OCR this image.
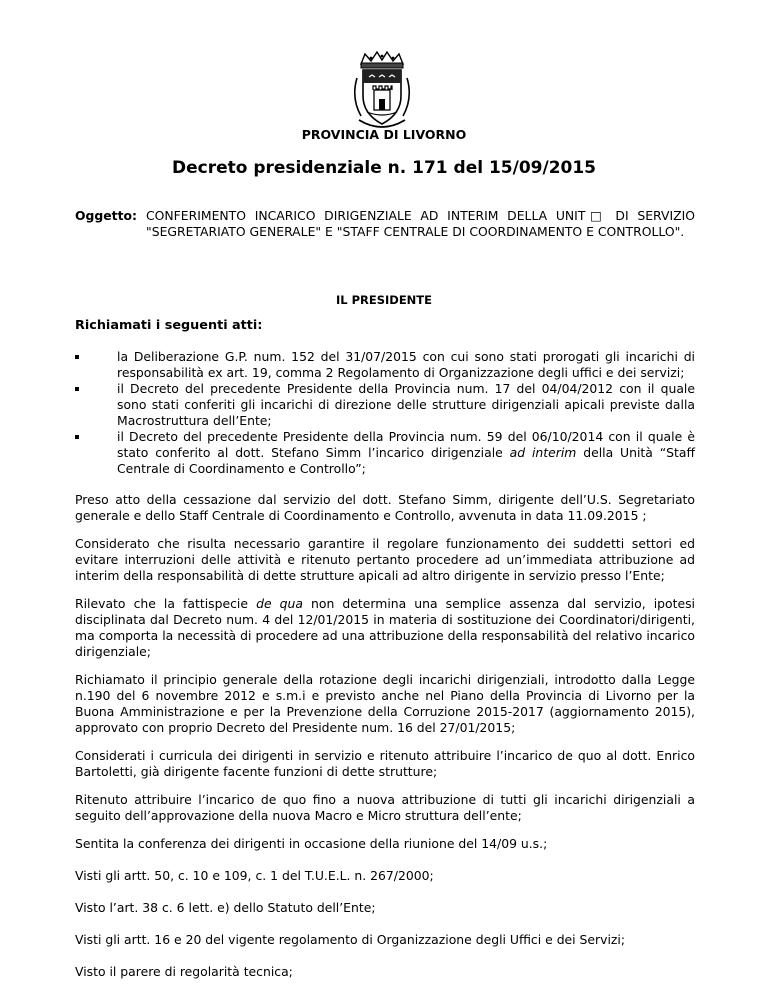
PROVINCIA DI LIVORNO
Decreto presidenziale n. 171 del 15/09/2015
Oggetto: CONFERIMENTO INCARICO DIRIGENZIALE AD INTERIM DELLA UNIT□ DI SERVIZIO "SEGRETARIATO GENERALE" E "STAFF CENTRALE DI COORDINAMENTO E CONTROLLO".
IL PRESIDENTE

Richiamati i seguenti atti:

la Deliberazione G.P. num. 152 del 31/07/2015 con cui sono stati prorogati gli incarichi di responsabilità ex art. 19, comma 2 Regolamento di Organizzazione degli uffici e dei servizi;
il Decreto del precedente Presidente della Provincia num. 17 del 04/04/2012 con il quale sono stati conferiti gli incarichi di direzione delle strutture dirigenziali apicali previste dalla Macrostruttura dell’Ente;
il Decreto del precedente Presidente della Provincia num. 59 del 06/10/2014 con il quale è stato conferito al dott. Stefano Simm l’incarico dirigenziale ad interim della Unità “Staff Centrale di Coordinamento e Controllo”;

Preso atto della cessazione dal servizio del dott. Stefano Simm, dirigente dell’U.S. Segretariato generale e dello Staff Centrale di Coordinamento e Controllo, avvenuta in data 11.09.2015 ;

Considerato che risulta necessario garantire il regolare funzionamento dei suddetti settori ed evitare interruzioni delle attività e ritenuto pertanto procedere ad un’immediata attribuzione ad interim della responsabilità di dette strutture apicali ad altro dirigente in servizio presso l’Ente;

Rilevato che la fattispecie de qua non determina una semplice assenza dal servizio, ipotesi disciplinata dal Decreto num. 4 del 12/01/2015 in materia di sostituzione dei Coordinatori/dirigenti, ma comporta la necessità di procedere ad una attribuzione della responsabilità del relativo incarico dirigenziale;

Richiamato il principio generale della rotazione degli incarichi dirigenziali, introdotto dalla Legge n.190 del 6 novembre 2012 e s.m.i e previsto anche nel Piano della Provincia di Livorno per la Buona Amministrazione e per la Prevenzione della Corruzione 2015-2017 (aggiornamento 2015), approvato con proprio Decreto del Presidente num. 16 del 27/01/2015;

Considerati i curricula dei dirigenti in servizio e ritenuto attribuire l’incarico de quo al dott. Enrico Bartoletti, già dirigente facente funzioni di dette strutture;

Ritenuto attribuire l’incarico de quo fino a nuova attribuzione di tutti gli incarichi dirigenziali a seguito dell’approvazione della nuova Macro e Micro struttura dell’ente;

Sentita la conferenza dei dirigenti in occasione della riunione del 14/09 u.s.;

Visti gli artt. 50, c. 10 e 109, c. 1 del T.U.E.L. n. 267/2000;

Visto l’art. 38 c. 6 lett. e) dello Statuto dell’Ente;

Visti gli artt. 16 e 20 del vigente regolamento di Organizzazione degli Uffici e dei Servizi;

Visto il parere di regolarità tecnica;
